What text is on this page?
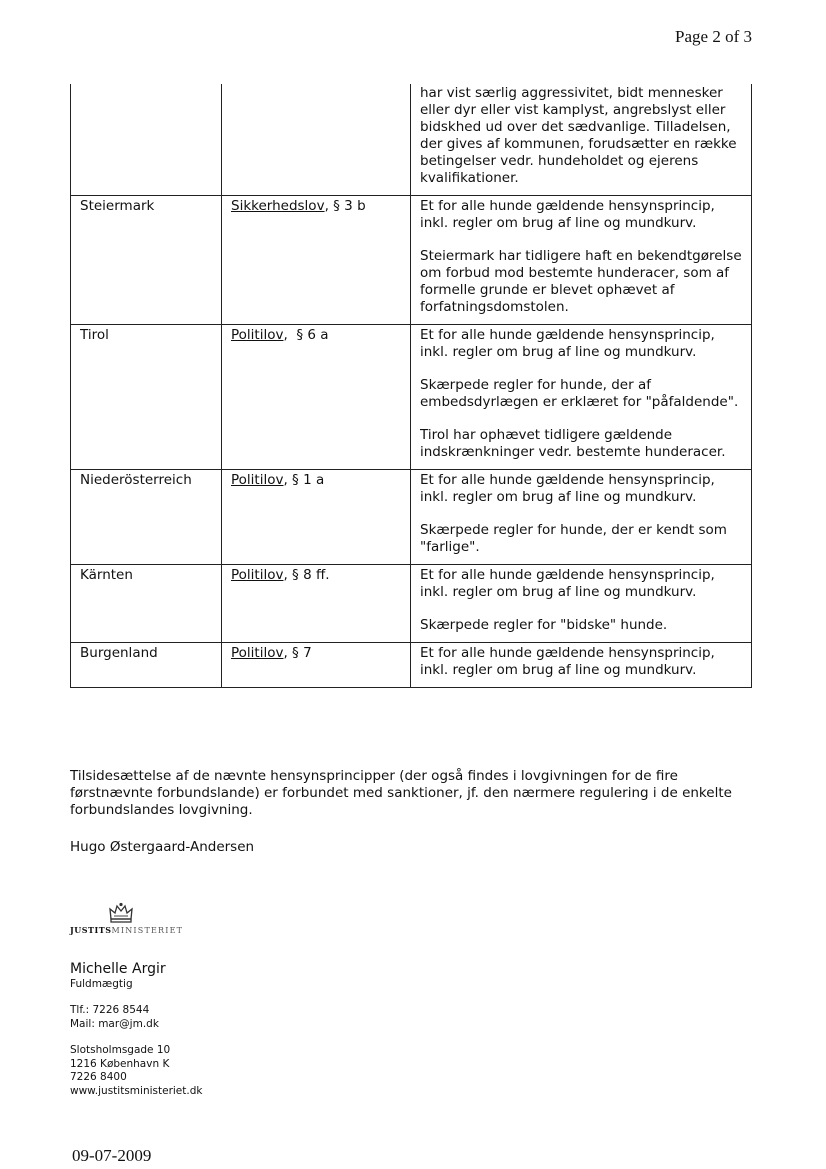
Page 2 of 3

		har vist særlig aggressivitet, bidt mennesker eller dyr eller vist kamplyst, angrebslyst eller bidskhed ud over det sædvanlige. Tilladelsen, der gives af kommunen, forudsætter en række betingelser vedr. hundeholdet og ejerens kvalifikationer.

Steiermark	Sikkerhedslov, § 3 b	Et for alle hunde gældende hensynsprincip, inkl. regler om brug af line og mundkurv.

Steiermark har tidligere haft en bekendtgørelse om forbud mod bestemte hunderacer, som af formelle grunde er blevet ophævet af forfatningsdomstolen.

Tirol	Politilov,  § 6 a	Et for alle hunde gældende hensynsprincip, inkl. regler om brug af line og mundkurv.

Skærpede regler for hunde, der af embedsdyrlægen er erklæret for "påfaldende".

Tirol har ophævet tidligere gældende indskrænkninger vedr. bestemte hunderacer.

Niederösterreich	Politilov, § 1 a	Et for alle hunde gældende hensynsprincip, inkl. regler om brug af line og mundkurv.

Skærpede regler for hunde, der er kendt som "farlige".

Kärnten	Politilov, § 8 ff.	Et for alle hunde gældende hensynsprincip, inkl. regler om brug af line og mundkurv.

Skærpede regler for "bidske" hunde.

Burgenland	Politilov, § 7	Et for alle hunde gældende hensynsprincip, inkl. regler om brug af line og mundkurv.

Tilsidesættelse af de nævnte hensynsprincipper (der også findes i lovgivningen for de fire førstnævnte forbundslande) er forbundet med sanktioner, jf. den nærmere regulering i de enkelte forbundslandes lovgivning.

Hugo Østergaard-Andersen
JUSTITSMINISTERIET
Michelle Argir
Fuldmægtig
Tlf.: 7226 8544
Mail: mar@jm.dk
Slotsholmsgade 10
1216 København K
7226 8400
www.justitsministeriet.dk
09-07-2009
